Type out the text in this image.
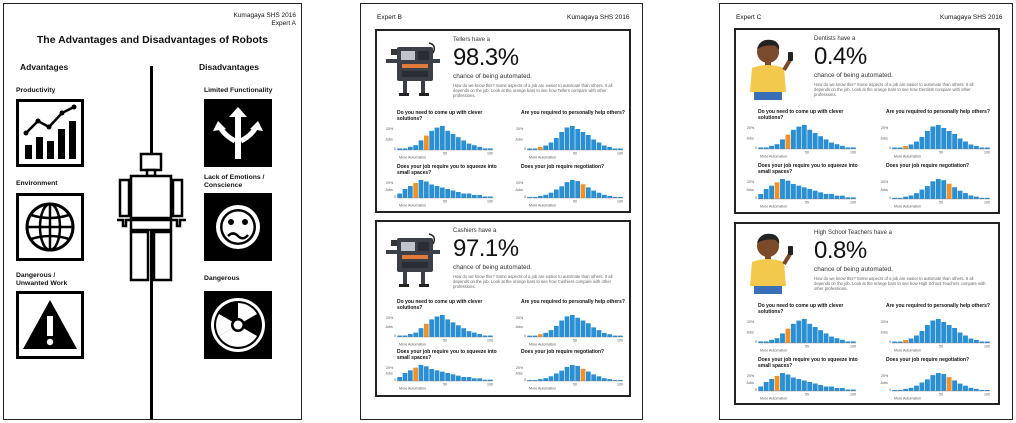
Kumagaya SHS 2016
Expert A
The Advantages and Disadvantages of Robots
Advantages	Disadvantages
Productivity
Environment
Dangerous /
Unwanted Work
Limited Functionality
Lack of Emotions /
Conscience
Dangerous
Expert B	Kumagaya SHS 2016
Tellers have a
98.3%
chance of being automated.
How do we know this? Some aspects of a job are easier to automate than others. It all depends on the job. Look at the orange bars to see how Tellers compare with other professions.
Do you need to come up with clever solutions?
Are you required to personally help others?
20%
Jobs
0
50	100
More Automation
20%
Jobs
0
50	100
More Automation
Does your job require you to squeeze into small spaces?
Does your job require negotiation?
20%
Jobs
0
50	100
More Automation
20%
Jobs
0
50	100
More Automation
Cashiers have a
97.1%
chance of being automated.
How do we know this? Some aspects of a job are easier to automate than others. It all depends on the job. Look at the orange bars to see how Cashiers compare with other professions.
Do you need to come up with clever solutions?
Are you required to personally help others?
20%
Jobs
0
50	100
More Automation
20%
Jobs
0
50	100
More Automation
Does your job require you to squeeze into small spaces?
Does your job require negotiation?
20%
Jobs
0
50	100
More Automation
20%
Jobs
0
50	100
More Automation
Expert C	Kumagaya SHS 2016
Dentists have a
0.4%
chance of being automated.
How do we know this? Some aspects of a job are easier to automate than others. It all depends on the job. Look at the orange bars to see how Dentists compare with other professions.
Do you need to come up with clever solutions?
Are you required to personally help others?
20%
Jobs
0
50	100
More Automation
20%
Jobs
0
50	100
More Automation
Does your job require you to squeeze into small spaces?
Does your job require negotiation?
20%
Jobs
0
50	100
More Automation
20%
Jobs
0
50	100
More Automation
High School Teachers have a
0.8%
chance of being automated.
How do we know this? Some aspects of a job are easier to automate than others. It all depends on the job. Look at the orange bars to see how High School Teachers compare with other professions.
Do you need to come up with clever solutions?
Are you required to personally help others?
20%
Jobs
0
50	100
More Automation
20%
Jobs
0
50	100
More Automation
Does your job require you to squeeze into small spaces?
Does your job require negotiation?
20%
Jobs
0
50	100
More Automation
20%
Jobs
0
50	100
More Automation
